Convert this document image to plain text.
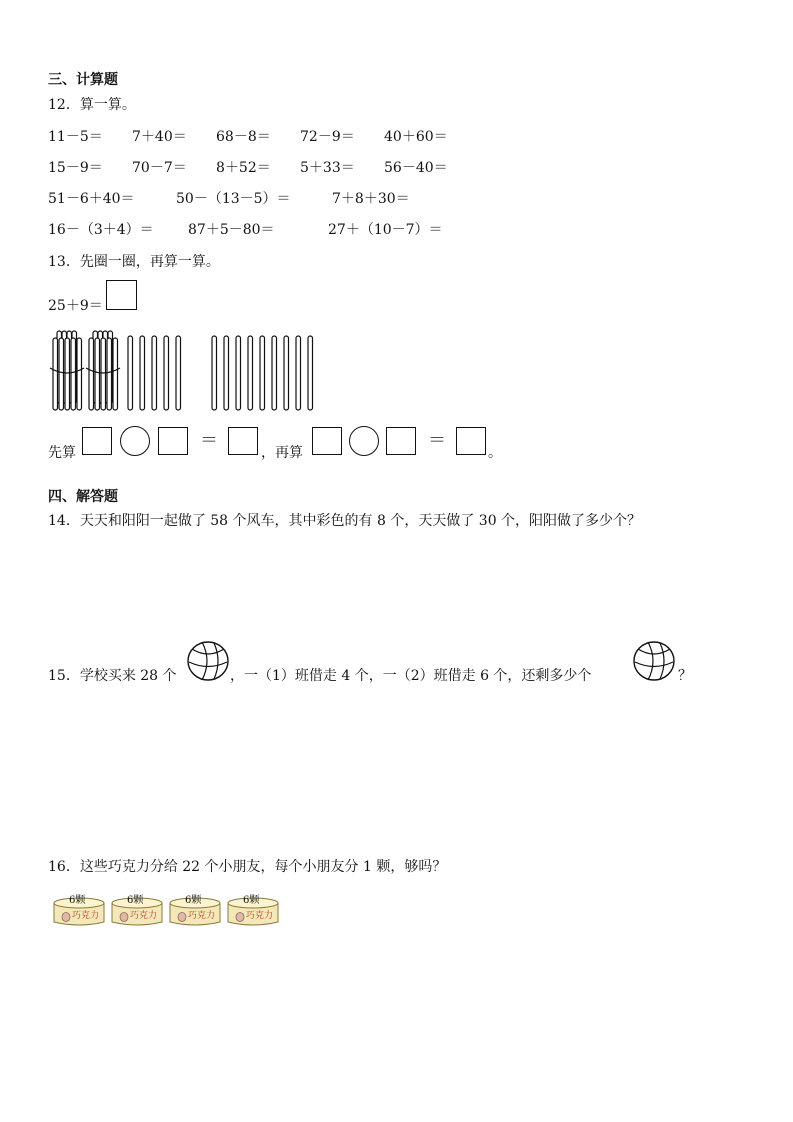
三、计算题
12．算一算。
11－5＝ 7＋40＝ 68－8＝ 72－9＝ 40＋60＝
15－9＝ 70－7＝ 8＋52＝ 5＋33＝ 56－40＝
51－6＋40＝	50－（13－5）＝	7＋8＋30＝
16－（3＋4）＝ 87＋5－80＝	27＋（10－7）＝
13．先圈一圈，再算一算。
25＋9＝
先算
＝
，再算
＝
。
四、解答题
14．天天和阳阳一起做了 58 个风车，其中彩色的有 8 个，天天做了 30 个，阳阳做了多少个？
15．学校买来 28 个	，一（1）班借走 4 个，一（2）班借走 6 个，还剩多少个	？
16．这些巧克力分给 22 个小朋友，每个小朋友分 1 颗，够吗？
6颗
巧克力
6颗
巧克力
6颗
巧克力
6颗
巧克力
